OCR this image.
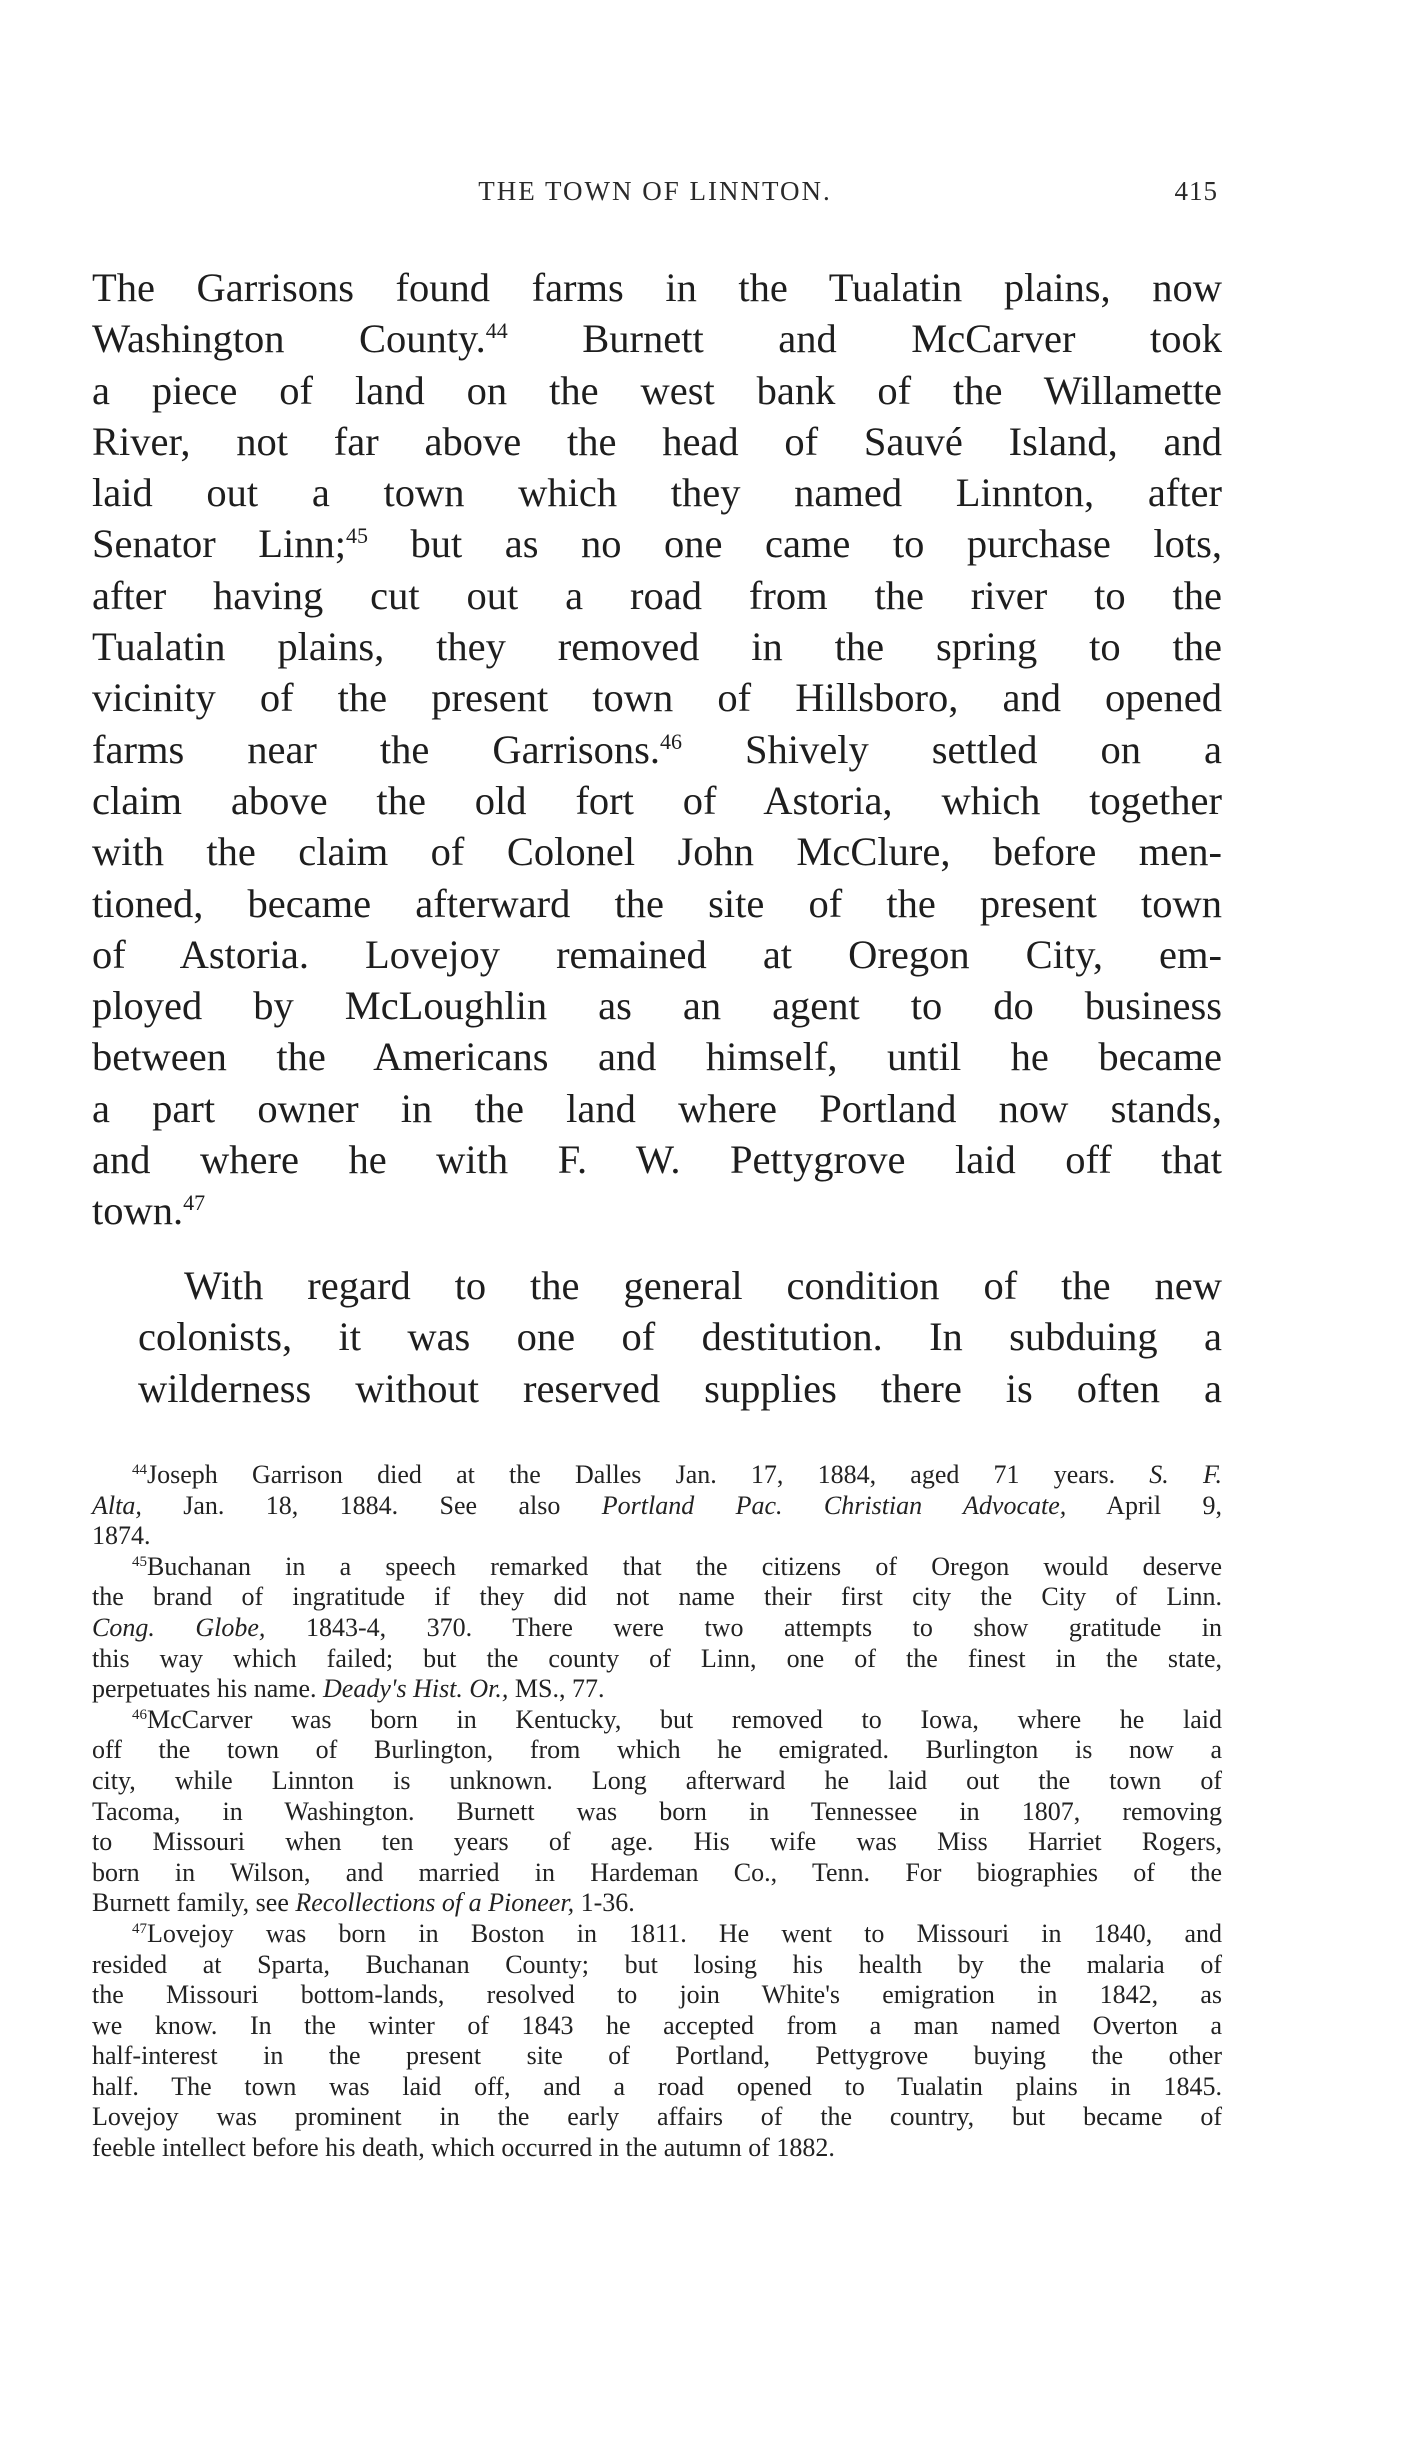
THE TOWN OF LINNTON.	415
The Garrisons found farms in the Tualatin plains, now
Washington County.$^{44}$ Burnett and McCarver took
a piece of land on the west bank of the Willamette
River, not far above the head of Sauvé Island, and
laid out a town which they named Linnton, after
Senator Linn;$^{45}$ but as no one came to purchase lots,
after having cut out a road from the river to the
Tualatin plains, they removed in the spring to the
vicinity of the present town of Hillsboro, and opened
farms near the Garrisons.$^{46}$ Shively settled on a
claim above the old fort of Astoria, which together
with the claim of Colonel John McClure, before men-
tioned, became afterward the site of the present town
of Astoria. Lovejoy remained at Oregon City, em-
ployed by McLoughlin as an agent to do business
between the Americans and himself, until he became
a part owner in the land where Portland now stands,
and where he with F. W. Pettygrove laid off that
town.$^{47}$
With regard to the general condition of the new
colonists, it was one of destitution. In subduing a
wilderness without reserved supplies there is often a
$^{44}$Joseph Garrison died at the Dalles Jan. 17, 1884, aged 71 years. S. F.
Alta, Jan. 18, 1884. See also Portland Pac. Christian Advocate, April 9,
1874.
$^{45}$Buchanan in a speech remarked that the citizens of Oregon would deserve
the brand of ingratitude if they did not name their first city the City of Linn.
Cong. Globe, 1843-4, 370. There were two attempts to show gratitude in
this way which failed; but the county of Linn, one of the finest in the state,
perpetuates his name. Deady's Hist. Or., MS., 77.
$^{46}$McCarver was born in Kentucky, but removed to Iowa, where he laid
off the town of Burlington, from which he emigrated. Burlington is now a
city, while Linnton is unknown. Long afterward he laid out the town of
Tacoma, in Washington. Burnett was born in Tennessee in 1807, removing
to Missouri when ten years of age. His wife was Miss Harriet Rogers,
born in Wilson, and married in Hardeman Co., Tenn. For biographies of the
Burnett family, see Recollections of a Pioneer, 1-36.
$^{47}$Lovejoy was born in Boston in 1811. He went to Missouri in 1840, and
resided at Sparta, Buchanan County; but losing his health by the malaria of
the Missouri bottom-lands, resolved to join White's emigration in 1842, as
we know. In the winter of 1843 he accepted from a man named Overton a
half-interest in the present site of Portland, Pettygrove buying the other
half. The town was laid off, and a road opened to Tualatin plains in 1845.
Lovejoy was prominent in the early affairs of the country, but became of
feeble intellect before his death, which occurred in the autumn of 1882.
